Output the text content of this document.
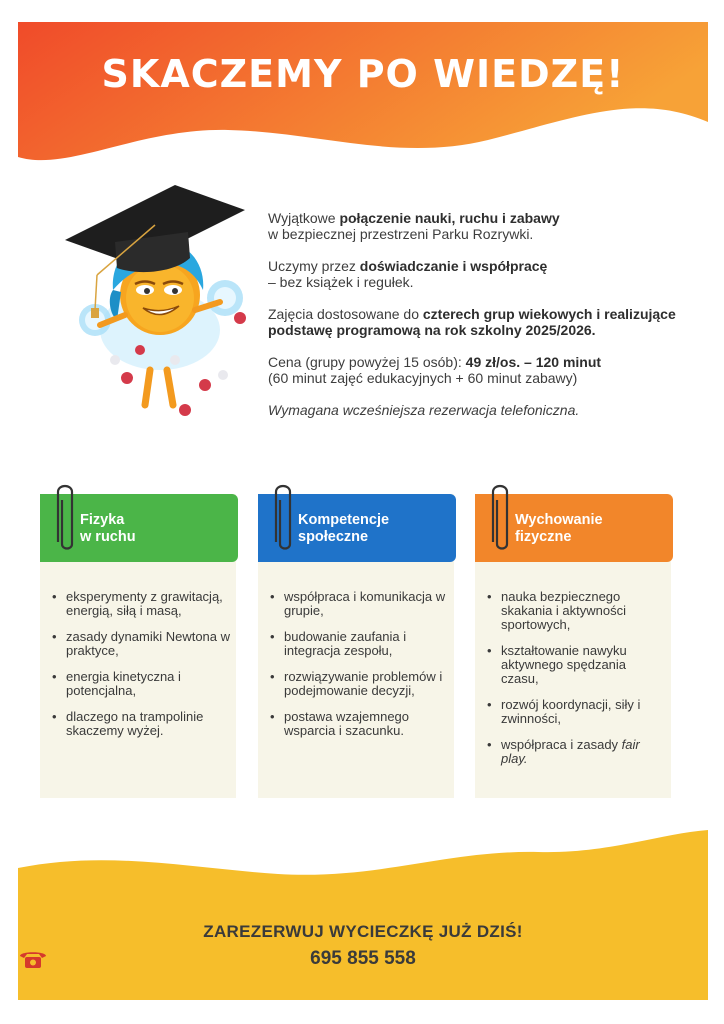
SKACZEMY PO WIEDZĘ!

Wyjątkowe połączenie nauki, ruchu i zabawy
w bezpiecznej przestrzeni Parku Rozrywki.

Uczymy przez doświadczanie i współpracę
– bez książek i regułek.

Zajęcia dostosowane do czterech grup wiekowych i realizujące podstawę programową na rok szkolny 2025/2026.

Cena (grupy powyżej 15 osób): 49 zł/os. – 120 minut
(60 minut zajęć edukacyjnych + 60 minut zabawy)

Wymagana wcześniejsza rezerwacja telefoniczna.

Fizyka
w ruchu
• eksperymenty z grawitacją, energią, siłą i masą,
• zasady dynamiki Newtona w praktyce,
• energia kinetyczna i potencjalna,
• dlaczego na trampolinie skaczemy wyżej.
Kompetencje
społeczne
• współpraca i komunikacja w grupie,
• budowanie zaufania i integracja zespołu,
• rozwiązywanie problemów i podejmowanie decyzji,
• postawa wzajemnego wsparcia i szacunku.
Wychowanie
fizyczne
• nauka bezpiecznego skakania i aktywności sportowych,
• kształtowanie nawyku aktywnego spędzania czasu,
• rozwój koordynacji, siły i zwinności,
• współpraca i zasady fair play.
ZAREZERWUJ WYCIECZKĘ JUŻ DZIŚ!
695 855 558
